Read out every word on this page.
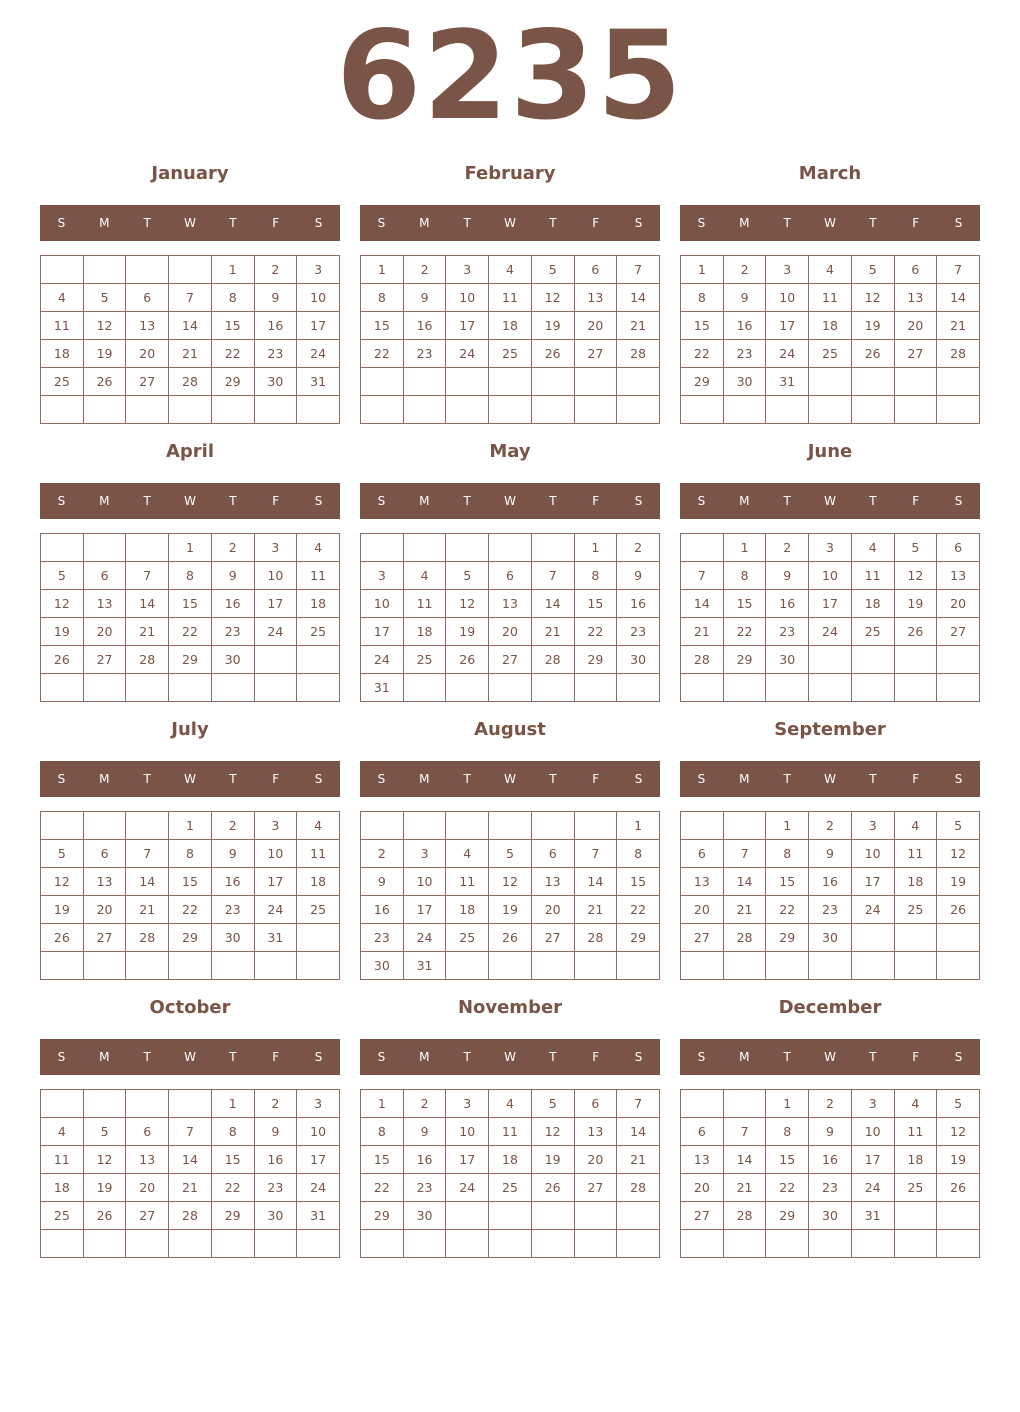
6235
January
S	M	T	W	T	F	S
				1	2	3
4	5	6	7	8	9	10
11	12	13	14	15	16	17
18	19	20	21	22	23	24
25	26	27	28	29	30	31

February
S	M	T	W	T	F	S
1	2	3	4	5	6	7
8	9	10	11	12	13	14
15	16	17	18	19	20	21
22	23	24	25	26	27	28

March
S	M	T	W	T	F	S
1	2	3	4	5	6	7
8	9	10	11	12	13	14
15	16	17	18	19	20	21
22	23	24	25	26	27	28
29	30	31				

April
S	M	T	W	T	F	S
			1	2	3	4
5	6	7	8	9	10	11
12	13	14	15	16	17	18
19	20	21	22	23	24	25
26	27	28	29	30		

May
S	M	T	W	T	F	S
					1	2
3	4	5	6	7	8	9
10	11	12	13	14	15	16
17	18	19	20	21	22	23
24	25	26	27	28	29	30
31						
June
S	M	T	W	T	F	S
	1	2	3	4	5	6
7	8	9	10	11	12	13
14	15	16	17	18	19	20
21	22	23	24	25	26	27
28	29	30				

July
S	M	T	W	T	F	S
			1	2	3	4
5	6	7	8	9	10	11
12	13	14	15	16	17	18
19	20	21	22	23	24	25
26	27	28	29	30	31	

August
S	M	T	W	T	F	S
						1
2	3	4	5	6	7	8
9	10	11	12	13	14	15
16	17	18	19	20	21	22
23	24	25	26	27	28	29
30	31					
September
S	M	T	W	T	F	S
		1	2	3	4	5
6	7	8	9	10	11	12
13	14	15	16	17	18	19
20	21	22	23	24	25	26
27	28	29	30			

October
S	M	T	W	T	F	S
				1	2	3
4	5	6	7	8	9	10
11	12	13	14	15	16	17
18	19	20	21	22	23	24
25	26	27	28	29	30	31

November
S	M	T	W	T	F	S
1	2	3	4	5	6	7
8	9	10	11	12	13	14
15	16	17	18	19	20	21
22	23	24	25	26	27	28
29	30					

December
S	M	T	W	T	F	S
		1	2	3	4	5
6	7	8	9	10	11	12
13	14	15	16	17	18	19
20	21	22	23	24	25	26
27	28	29	30	31		
